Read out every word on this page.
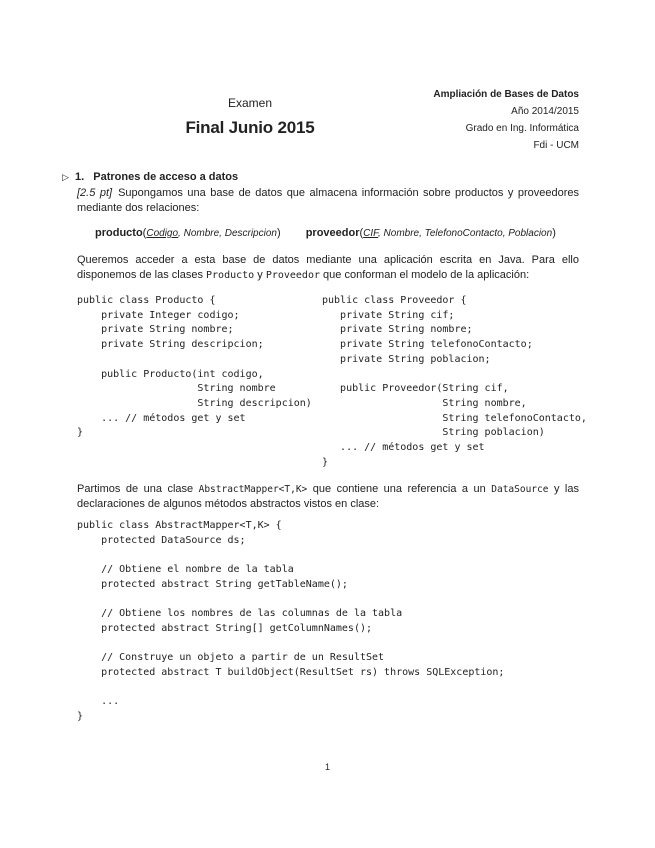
Examen
Final Junio 2015
Ampliación de Bases de Datos
Año 2014/2015
Grado en Ing. Informática
Fdi - UCM
▷ 1. Patrones de acceso a datos
[2.5 pt] Supongamos una base de datos que almacena información sobre productos y proveedores mediante dos relaciones:
producto(Codigo, Nombre, Descripcion) proveedor(CIF, Nombre, TelefonoContacto, Poblacion)
Queremos acceder a esta base de datos mediante una aplicación escrita en Java. Para ello disponemos de las clases Producto y Proveedor que conforman el modelo de la aplicación:
public class Producto {
private Integer codigo;
private String nombre;
private String descripcion;

public Producto(int codigo,
String nombre
String descripcion)
... // métodos get y set
}
public class Proveedor {
private String cif;
private String nombre;
private String telefonoContacto;
private String poblacion;

public Proveedor(String cif,
String nombre,
String telefonoContacto,
String poblacion)
... // métodos get y set
}
Partimos de una clase AbstractMapper<T,K> que contiene una referencia a un DataSource y las declaraciones de algunos métodos abstractos vistos en clase:
public class AbstractMapper<T,K> {
protected DataSource ds;

// Obtiene el nombre de la tabla
protected abstract String getTableName();

// Obtiene los nombres de las columnas de la tabla
protected abstract String[] getColumnNames();

// Construye un objeto a partir de un ResultSet
protected abstract T buildObject(ResultSet rs) throws SQLException;

...
}
1
